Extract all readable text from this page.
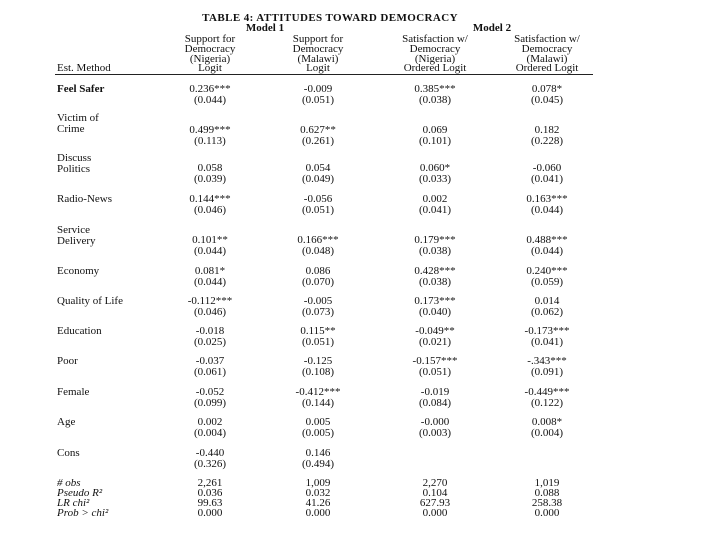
TABLE 4: ATTITUDES TOWARD DEMOCRACY
Model 1	Model 2
Support for
Democracy
(Nigeria)
Logit
Support for
Democracy
(Malawi)
Logit
Satisfaction w/
Democracy
(Nigeria)
Ordered Logit
Satisfaction w/
Democracy
(Malawi)
Ordered Logit
Est. Method
Feel Safer	0.236***	-0.009	0.385***	0.078*
(0.044)	(0.051)	(0.038)	(0.045)
Victim of
Crime	0.499***	0.627**	0.069	0.182
(0.113)	(0.261)	(0.101)	(0.228)
Discuss
Politics	0.058	0.054	0.060*	-0.060
(0.039)	(0.049)	(0.033)	(0.041)
Radio-News	0.144***	-0.056	0.002	0.163***
(0.046)	(0.051)	(0.041)	(0.044)
Service
Delivery	0.101**	0.166***	0.179***	0.488***
(0.044)	(0.048)	(0.038)	(0.044)
Economy	0.081*	0.086	0.428***	0.240***
(0.044)	(0.070)	(0.038)	(0.059)
Quality of Life	-0.112***	-0.005	0.173***	0.014
(0.046)	(0.073)	(0.040)	(0.062)
Education	-0.018	0.115**	-0.049**	-0.173***
(0.025)	(0.051)	(0.021)	(0.041)
Poor	-0.037	-0.125	-0.157***	-.343***
(0.061)	(0.108)	(0.051)	(0.091)
Female	-0.052	-0.412***	-0.019	-0.449***
(0.099)	(0.144)	(0.084)	(0.122)
Age	0.002	0.005	-0.000	0.008*
(0.004)	(0.005)	(0.003)	(0.004)
Cons	-0.440	0.146
(0.326)	(0.494)
# obs	2,261	1,009	2,270	1,019
Pseudo R²	0.036	0.032	0.104	0.088
LR chi²	99.63	41.26	627.93	258.38
Prob > chi²	0.000	0.000	0.000	0.000
